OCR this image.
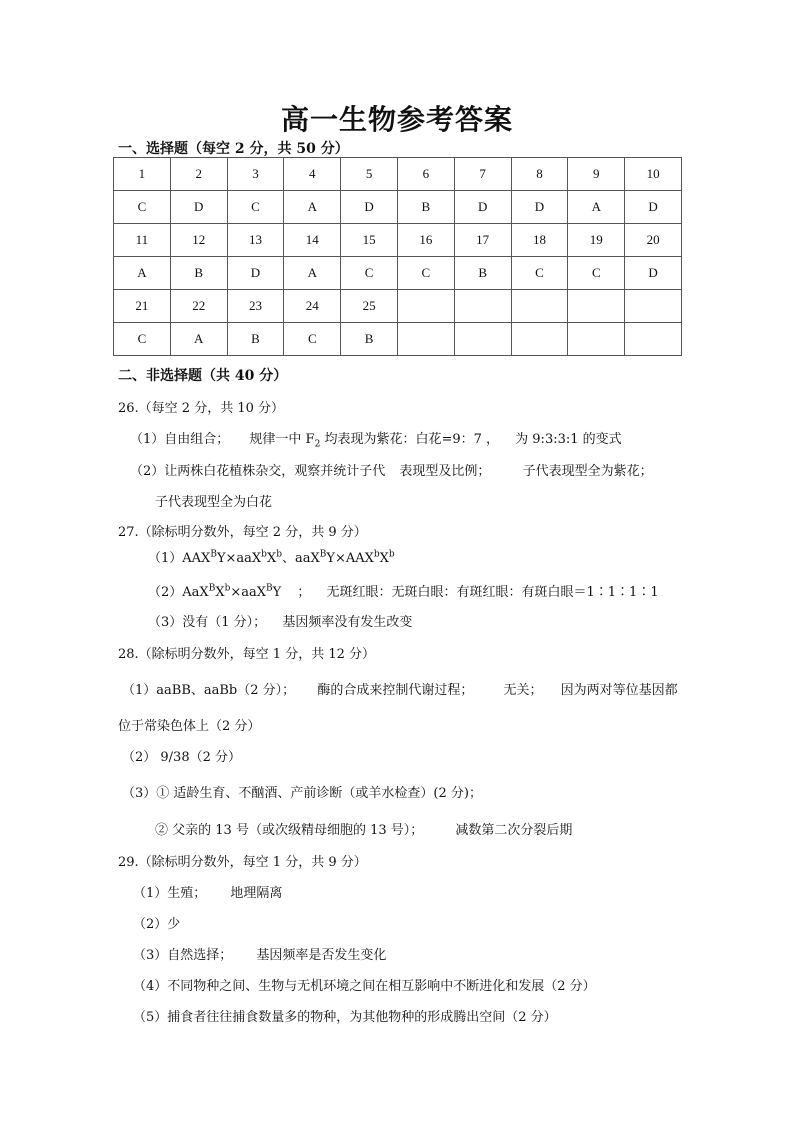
高一生物参考答案
一、选择题（每空 2 分，共 50 分）
1	2	3	4	5	6	7	8	9	10
C	D	C	A	D	B	D	D	A	D
11	12	13	14	15	16	17	18	19	20
A	B	D	A	C	C	B	C	C	D
21	22	23	24	25					
C	A	B	C	B					
二、非选择题（共 40 分）
26.（每空 2 分，共 10 分）
（1）自由组合； 规律一中 $F_2$ 均表现为紫花：白花=9：7 ， 为 9:3:3:1 的变式
（2）让两株白花植株杂交，观察并统计子代 表现型及比例； 子代表现型全为紫花；
子代表现型全为白花
27.（除标明分数外，每空 2 分，共 9 分）
$(1)AAX^BY\times aaX^bX^b$、$aaX^BY\times AAX^bX^b$
$(2)AaX^BX^b\times aaX^BY$ ； 无斑红眼：无斑白眼：有斑红眼：有斑白眼＝1∶1∶1∶1
（3）没有（1 分）； 基因频率没有发生改变
28.（除标明分数外，每空 1 分，共 12 分）
（1）aaBB、aaBb（2 分）； 酶的合成来控制代谢过程； 无关； 因为两对等位基因都
位于常染色体上（2 分）
（2） 9/38（2 分）
（3）① 适龄生育、不酗酒、产前诊断（或羊水检查）(2 分)；
② 父亲的 13 号（或次级精母细胞的 13 号）； 减数第二次分裂后期
29.（除标明分数外，每空 1 分，共 9 分）
（1）生殖； 地理隔离
（2）少
（3）自然选择； 基因频率是否发生变化
（4）不同物种之间、生物与无机环境之间在相互影响中不断进化和发展（2 分）
（5）捕食者往往捕食数量多的物种，为其他物种的形成腾出空间（2 分）
